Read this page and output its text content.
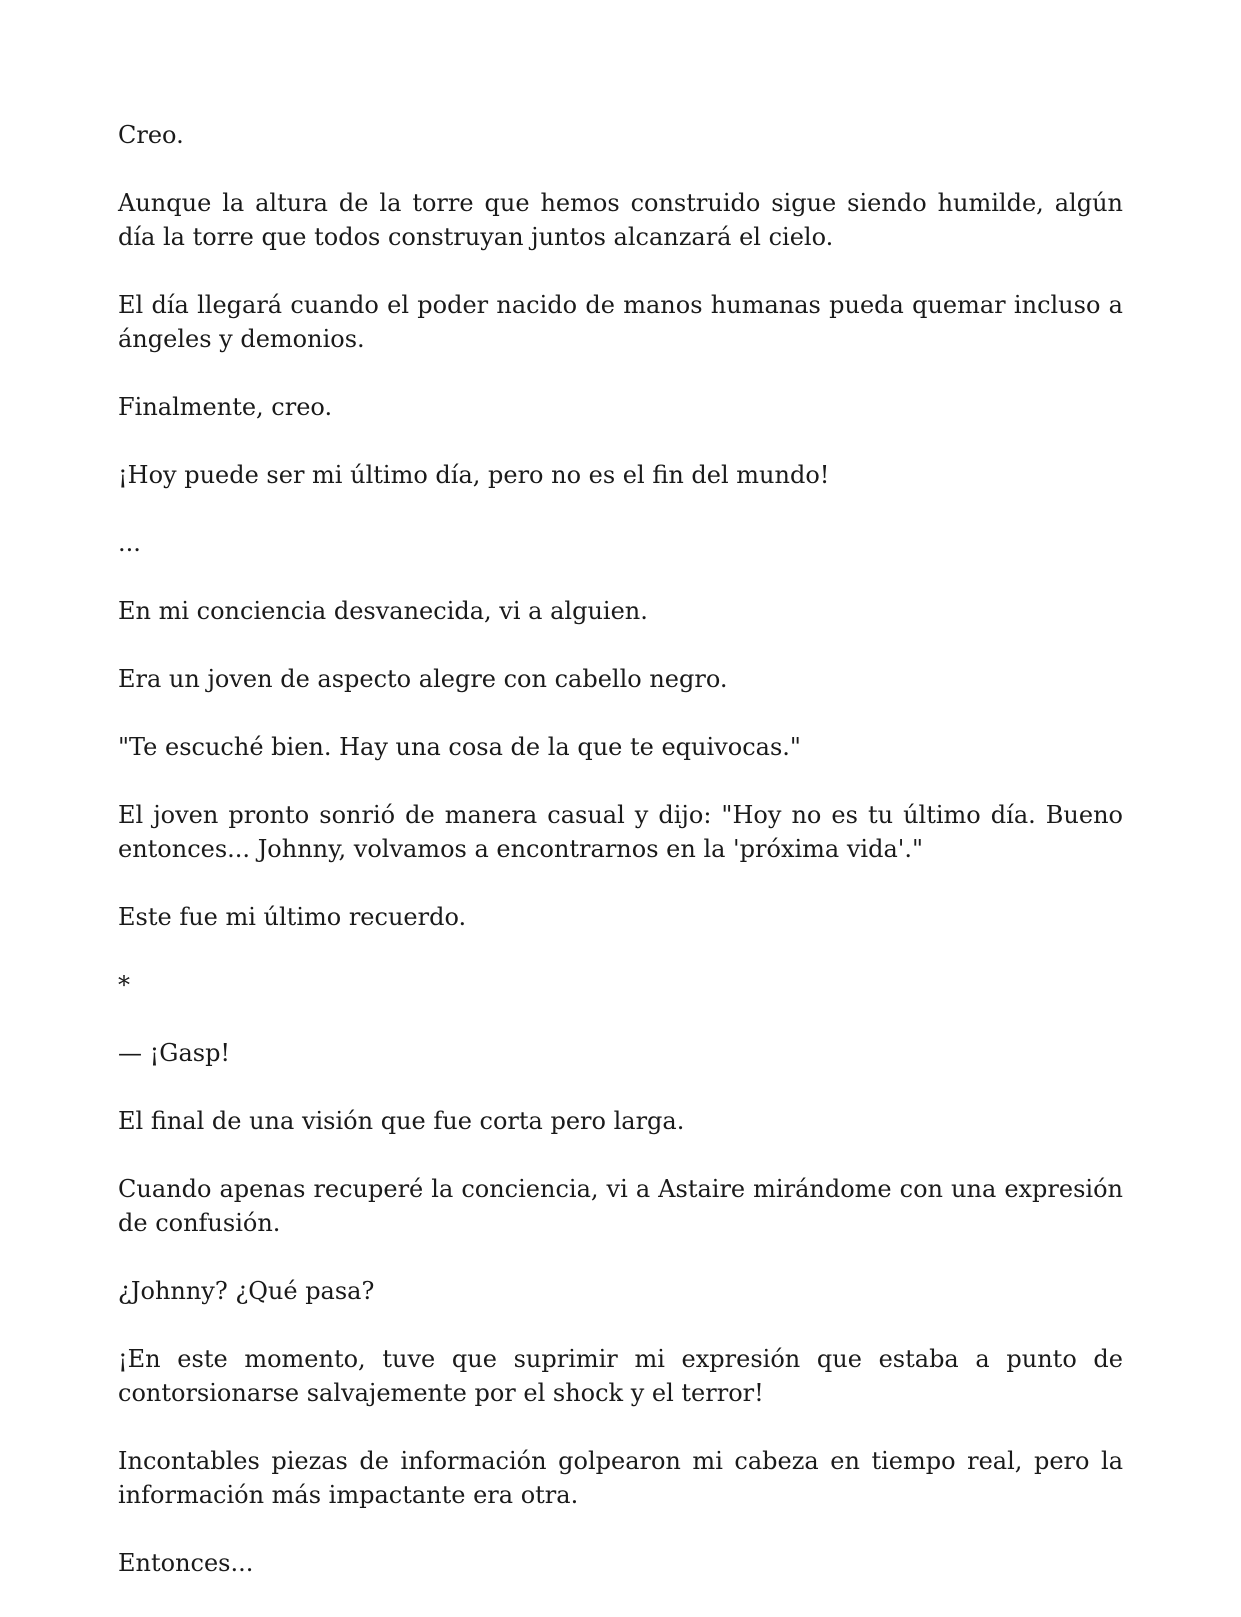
Creo.

Aunque la altura de la torre que hemos construido sigue siendo humilde, algún día la torre que todos construyan juntos alcanzará el cielo.

El día llegará cuando el poder nacido de manos humanas pueda quemar incluso a ángeles y demonios.

Finalmente, creo.

¡Hoy puede ser mi último día, pero no es el fin del mundo!

...

En mi conciencia desvanecida, vi a alguien.

Era un joven de aspecto alegre con cabello negro.

"Te escuché bien. Hay una cosa de la que te equivocas."

El joven pronto sonrió de manera casual y dijo: "Hoy no es tu último día. Bueno entonces... Johnny, volvamos a encontrarnos en la 'próxima vida'."

Este fue mi último recuerdo.

*

— ¡Gasp!

El final de una visión que fue corta pero larga.

Cuando apenas recuperé la conciencia, vi a Astaire mirándome con una expresión de confusión.

¿Johnny? ¿Qué pasa?

¡En este momento, tuve que suprimir mi expresión que estaba a punto de contorsionarse salvajemente por el shock y el terror!

Incontables piezas de información golpearon mi cabeza en tiempo real, pero la información más impactante era otra.

Entonces...
